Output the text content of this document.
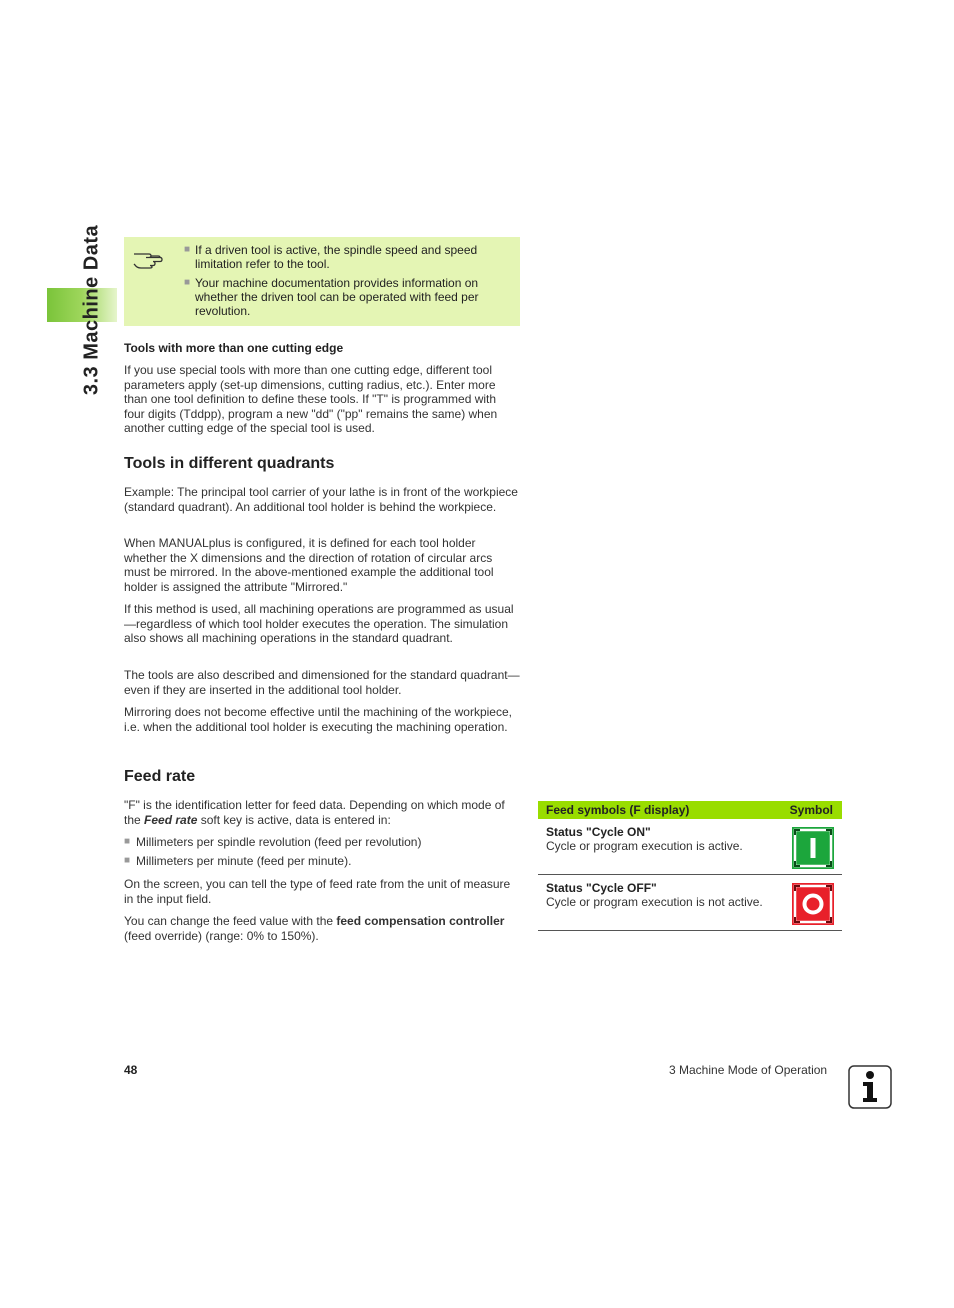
3.3 Machine Data	■ If a driven tool is active, the spindle speed and speed limitation refer to the tool.
■ Your machine documentation provides information on whether the driven tool can be operated with feed per revolution.
Tools with more than one cutting edge

If you use special tools with more than one cutting edge, different tool parameters apply (set-up dimensions, cutting radius, etc.). Enter more than one tool definition to define these tools. If "T" is programmed with four digits (Tddpp), program a new "dd" ("pp" remains the same) when another cutting edge of the special tool is used.

Tools in different quadrants

Example: The principal tool carrier of your lathe is in front of the workpiece (standard quadrant). An additional tool holder is behind the workpiece.

When MANUALplus is configured, it is defined for each tool holder whether the X dimensions and the direction of rotation of circular arcs must be mirrored. In the above-mentioned example the additional tool holder is assigned the attribute "Mirrored."

If this method is used, all machining operations are programmed as usual—regardless of which tool holder executes the operation. The simulation also shows all machining operations in the standard quadrant.

The tools are also described and dimensioned for the standard quadrant—even if they are inserted in the additional tool holder.

Mirroring does not become effective until the machining of the workpiece, i.e. when the additional tool holder is executing the machining operation.

Feed rate

"F" is the identification letter for feed data. Depending on which mode of the Feed rate soft key is active, data is entered in:

■ Millimeters per spindle revolution (feed per revolution)
■ Millimeters per minute (feed per minute).

On the screen, you can tell the type of feed rate from the unit of measure in the input field.

You can change the feed value with the feed compensation controller (feed override) (range: 0% to 150%).

Feed symbols (F display)	Symbol
Status "Cycle ON"
Cycle or program execution is active.
Status "Cycle OFF"
Cycle or program execution is not active.
48	3 Machine Mode of Operation
